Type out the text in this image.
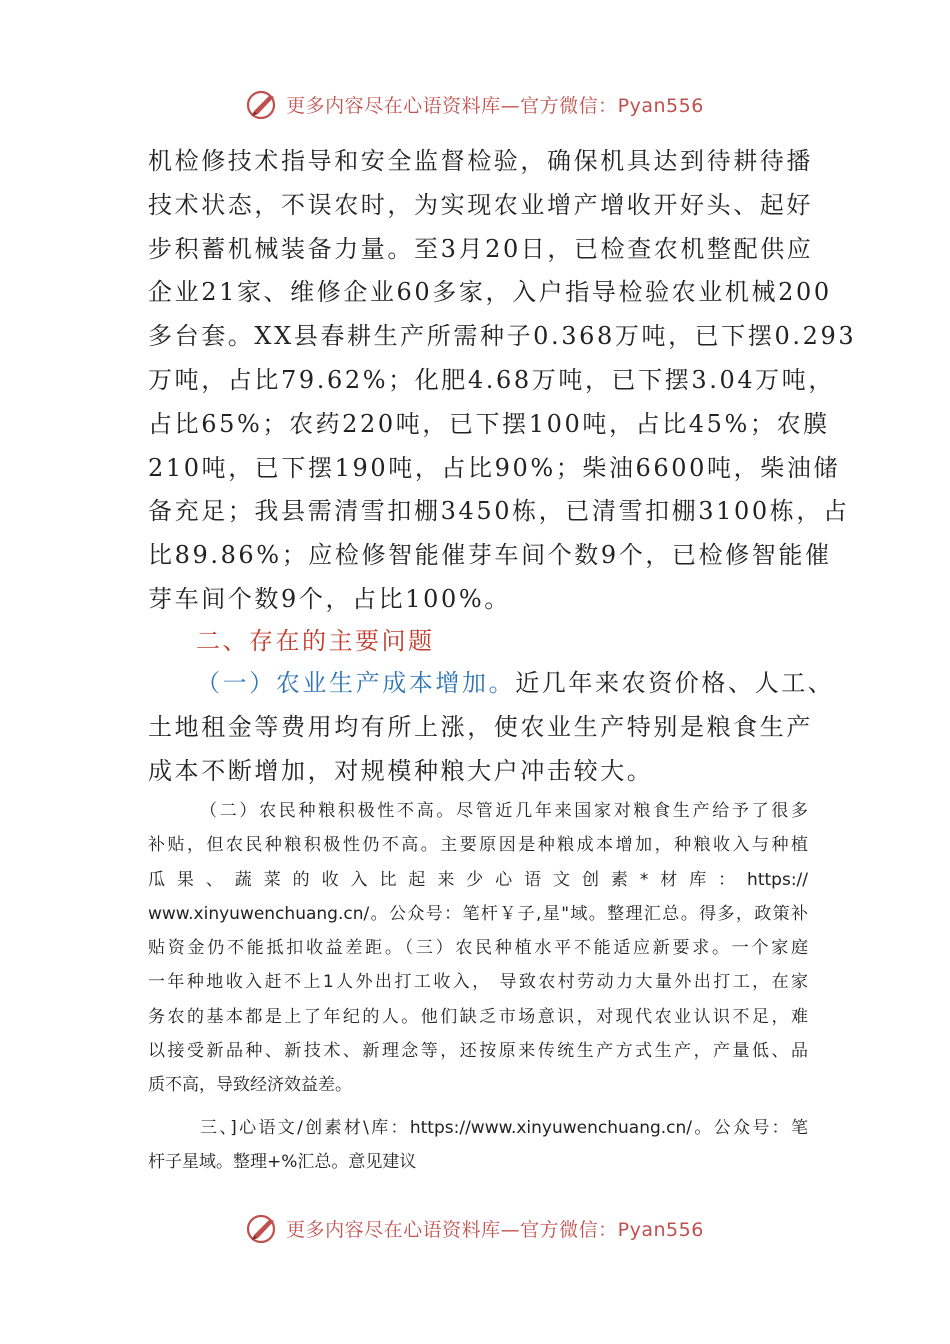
更多内容尽在心语资料库—官方微信：Pyan556
机检修技术指导和安全监督检验，确保机具达到待耕待播
技术状态，不误农时，为实现农业增产增收开好头、起好
步积蓄机械装备力量。至3月20日，已检查农机整配供应
企业21家、维修企业60多家，入户指导检验农业机械200
多台套。XX县春耕生产所需种子0.368万吨，已下摆0.293
万吨，占比79.62%；化肥4.68万吨，已下摆3.04万吨，
占比65%；农药220吨，已下摆100吨，占比45%；农膜
210吨，已下摆190吨，占比90%；柴油6600吨，柴油储
备充足；我县需清雪扣棚3450栋，已清雪扣棚3100栋，占
比89.86%；应检修智能催芽车间个数9个，已检修智能催
芽车间个数9个，占比100%。
二、存在的主要问题
（一）农业生产成本增加。近几年来农资价格、人工、
土地租金等费用均有所上涨，使农业生产特别是粮食生产
成本不断增加，对规模种粮大户冲击较大。
（二）农民种粮积极性不高。尽管近几年来国家对粮食生产给予了很多
补贴，但农民种粮积极性仍不高。主要原因是种粮成本增加，种粮收入与种植
瓜果、蔬菜的收入比起来少心语文创素*材库：https://
www.xinyuwenchuang.cn/。公众号：笔杆￥子,星"域。整理汇总。得多，政策补
贴资金仍不能抵扣收益差距。（三）农民种植水平不能适应新要求。一个家庭
一年种地收入赶不上1人外出打工收入， 导致农村劳动力大量外出打工，在家
务农的基本都是上了年纪的人。他们缺乏市场意识，对现代农业认识不足，难
以接受新品种、新技术、新理念等，还按原来传统生产方式生产，产量低、品
质不高，导致经济效益差。
三、]心语文/创素材\库：https://www.xinyuwenchuang.cn/。公众号：笔
杆子星域。整理+%汇总。意见建议
更多内容尽在心语资料库—官方微信：Pyan556
